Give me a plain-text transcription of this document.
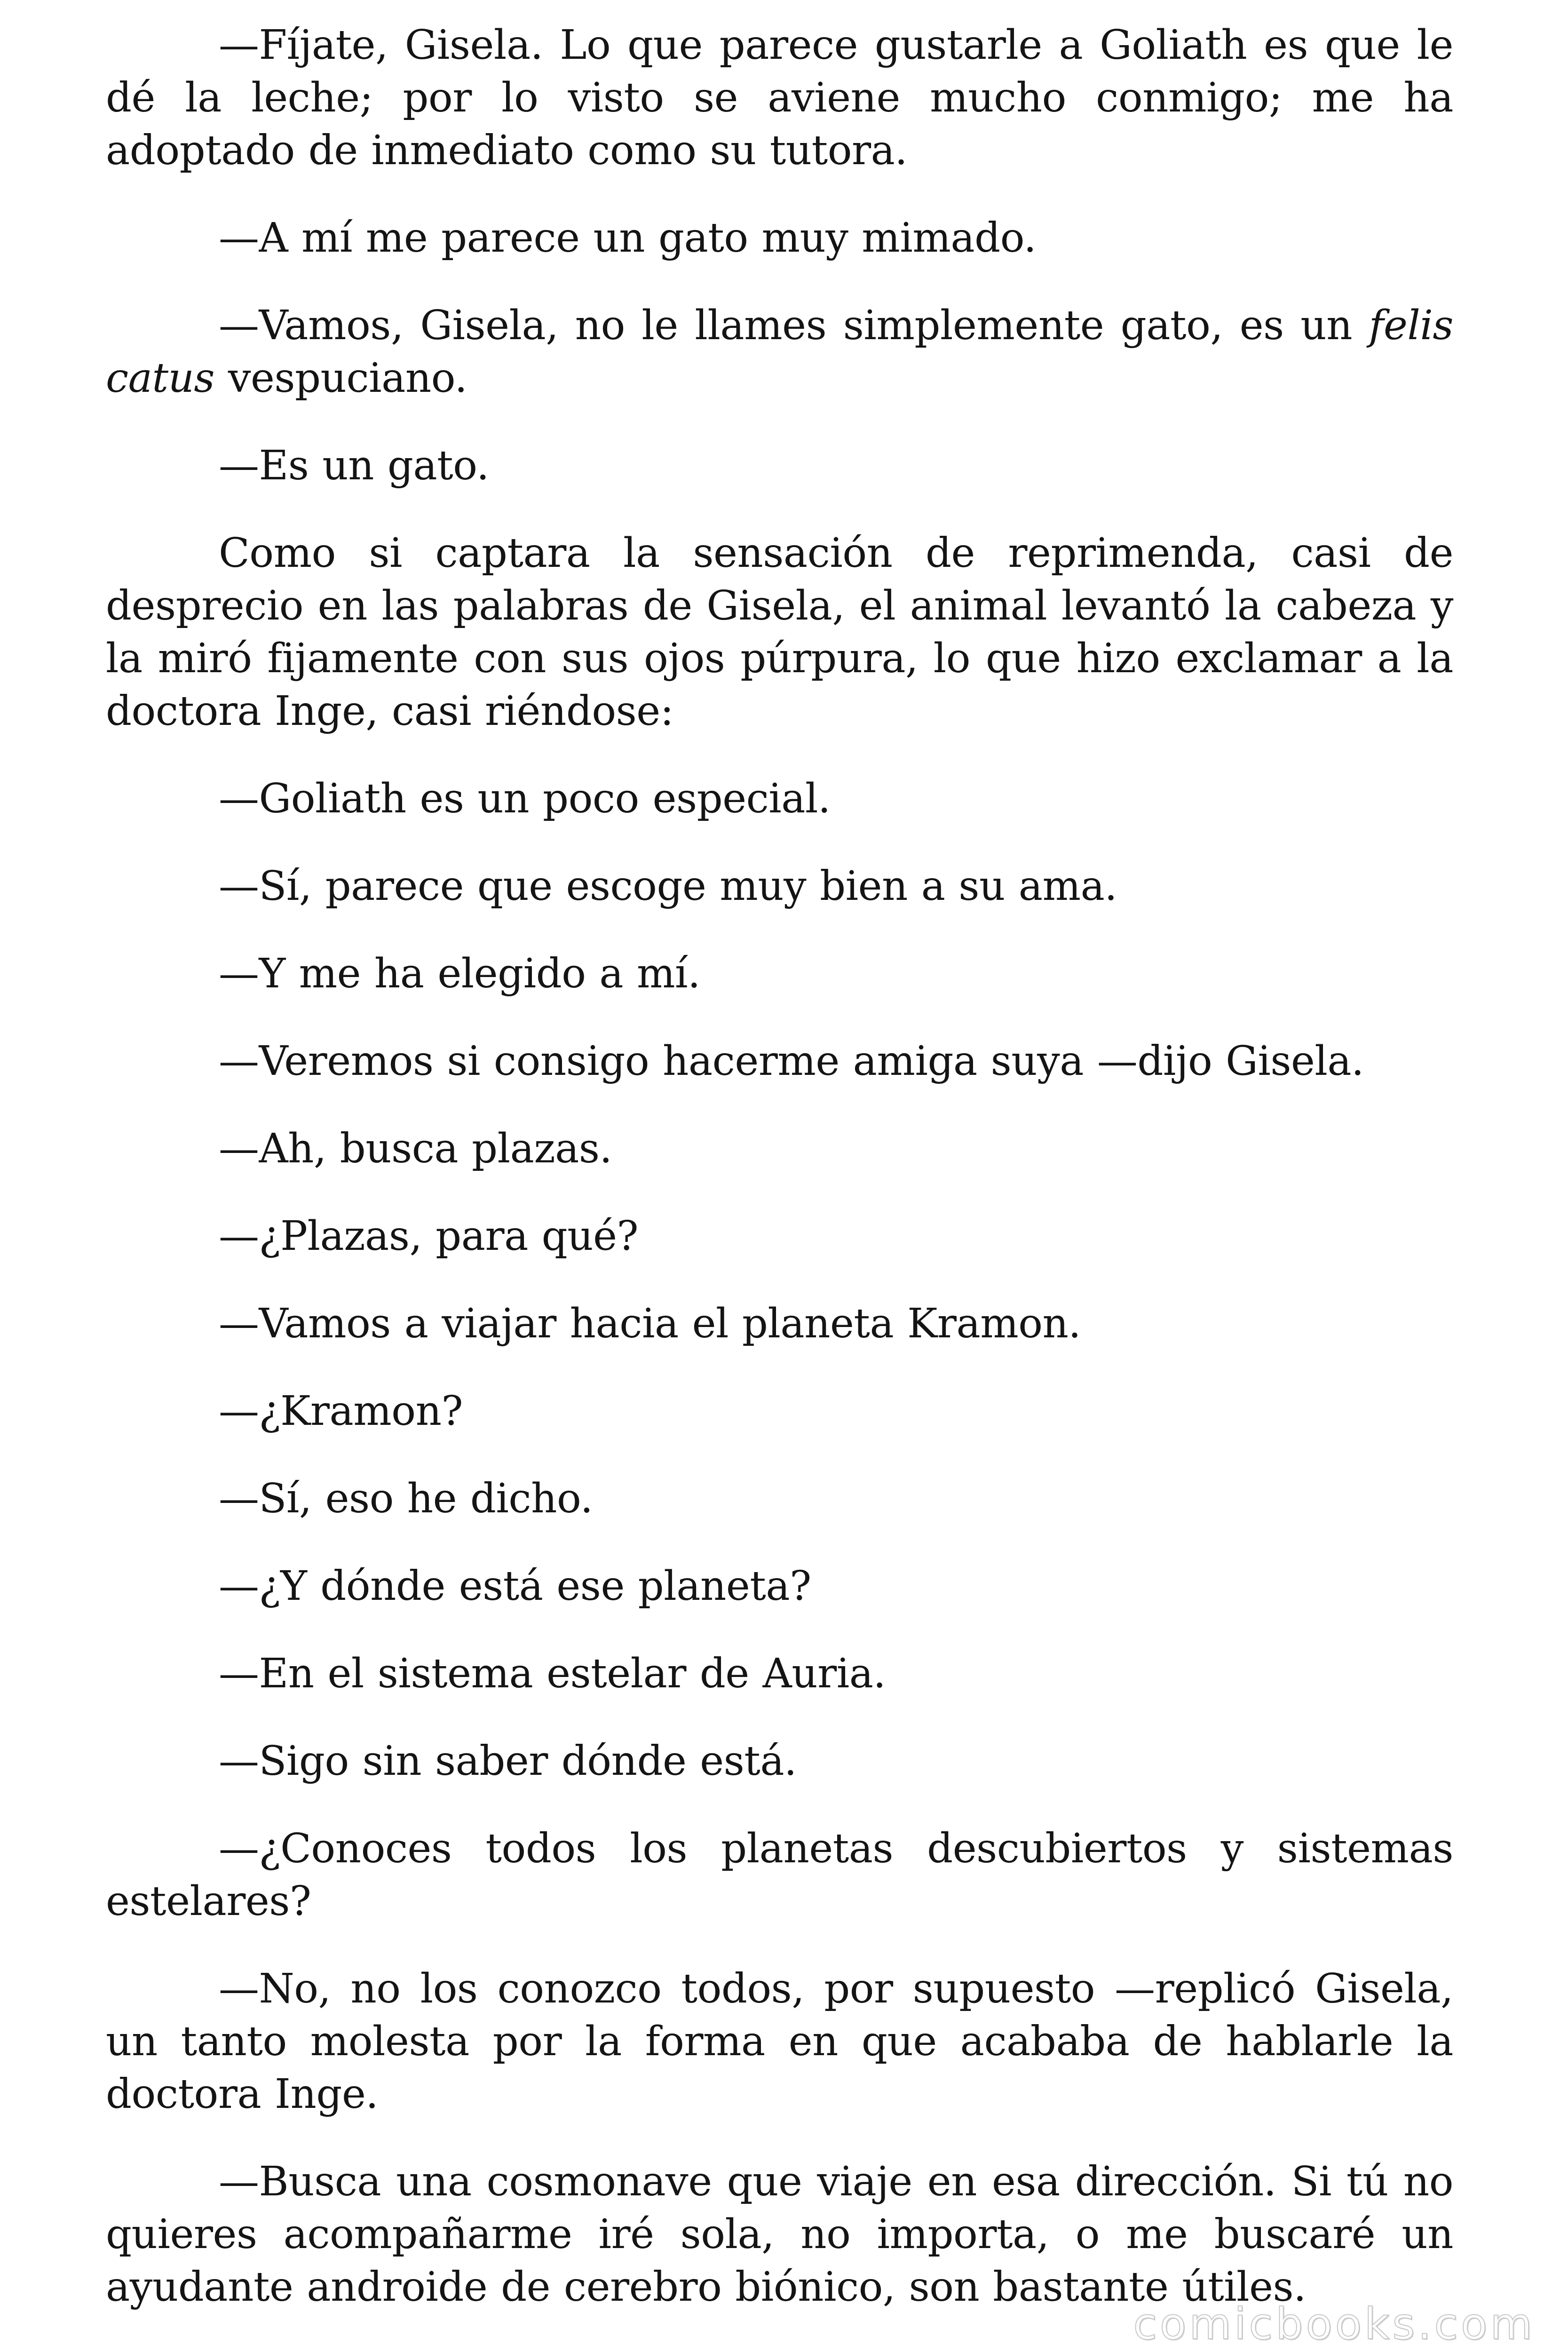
—Fíjate, Gisela. Lo que parece gustarle a Goliath es que le dé la leche; por lo visto se aviene mucho conmigo; me ha adoptado de inmediato como su tutora.

—A mí me parece un gato muy mimado.

—Vamos, Gisela, no le llames simplemente gato, es un felis catus vespuciano.

—Es un gato.

Como si captara la sensación de reprimenda, casi de desprecio en las palabras de Gisela, el animal levantó la cabeza y la miró fijamente con sus ojos púrpura, lo que hizo exclamar a la doctora Inge, casi riéndose:

—Goliath es un poco especial.

—Sí, parece que escoge muy bien a su ama.

—Y me ha elegido a mí.

—Veremos si consigo hacerme amiga suya —dijo Gisela.

—Ah, busca plazas.

—¿Plazas, para qué?

—Vamos a viajar hacia el planeta Kramon.

—¿Kramon?

—Sí, eso he dicho.

—¿Y dónde está ese planeta?

—En el sistema estelar de Auria.

—Sigo sin saber dónde está.

—¿Conoces todos los planetas descubiertos y sistemas estelares?

—No, no los conozco todos, por supuesto —replicó Gisela, un tanto molesta por la forma en que acababa de hablarle la doctora Inge.

—Busca una cosmonave que viaje en esa dirección. Si tú no quieres acompañarme iré sola, no importa, o me buscaré un ayudante androide de cerebro biónico, son bastante útiles.

comicbooks.com
